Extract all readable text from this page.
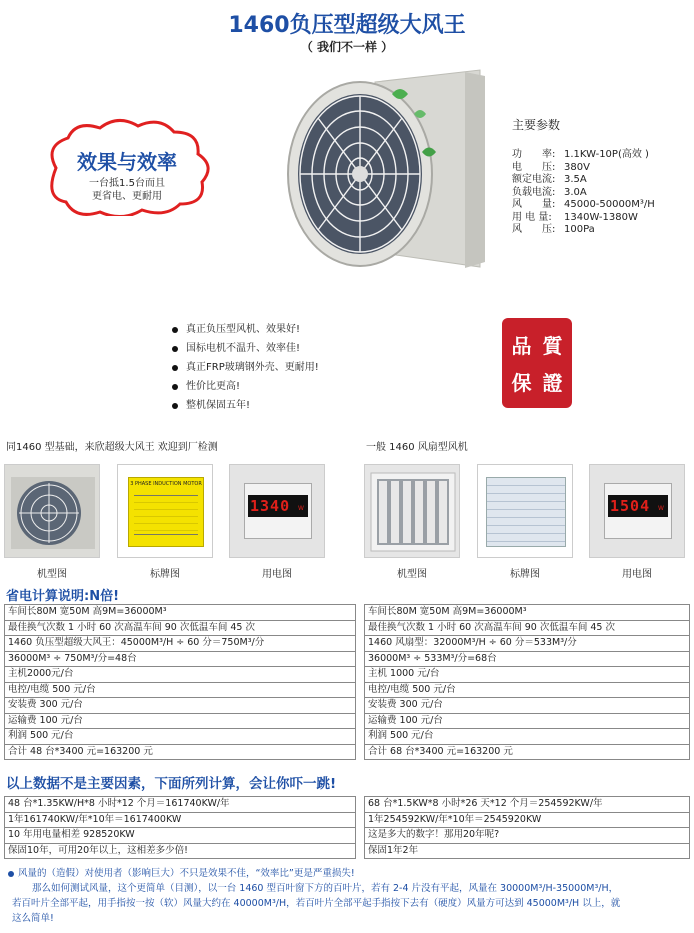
1460负压型超级大风王
（ 我们不一样 ）
效果与效率
一台抵1.5台而且
更省电、更耐用
主要参数
功　　率: 1.1KW-10P(高效 )
电　　压: 380V
额定电流: 3.5A
负载电流: 3.0A
风　　量: 45000-50000M³/H
用 电 量:	1340W-1380W
风　　压: 100Pa
真正负压型风机、效果好!
国标电机不温升、效率佳!
真正FRP玻璃钢外壳、更耐用!
性价比更高!
整机保固五年!
品 質
保 證
同1460 型基础，来欣超级大风王 欢迎到厂检测	一般 1460 风扇型风机
3 PHASE INDUCTION MOTOR
1340 W
机型图	标牌图	用电图
1504 W
机型图	标牌图	用电图
省电计算说明:N倍!
车间长80M 宽50M 高9M=36000M³
最佳换气次数 1 小时 60 次高温车间 90 次低温车间 45 次
1460 负压型超级大风王：45000M³/H ÷ 60 分＝750M³/分
36000M³ ÷ 750M³/分=48台
主机2000元/台
电控/电缆 500 元/台
安装费 300 元/台
运输费 100 元/台
利润 500 元/台
合计 48 台*3400 元=163200 元
车间长80M 宽50M 高9M=36000M³
最佳换气次数 1 小时 60 次高温车间 90 次低温车间 45 次
1460 风扇型：32000M³/H ÷ 60 分＝533M³/分
36000M³ ÷ 533M³/分=68台
主机 1000 元/台
电控/电缆 500 元/台
安装费 300 元/台
运输费 100 元/台
利润 500 元/台
合计 68 台*3400 元=163200 元
以上数据不是主要因素，下面所列计算，会让你吓一跳!
48 台*1.35KW/H*8 小时*12 个月＝161740KW/年
1年161740KW/年*10年＝1617400KW
10 年用电量相差 928520KW
保固10年，可用20年以上，这相差多少倍!
68 台*1.5KW*8 小时*26 天*12 个月＝254592KW/年
1年254592KW/年*10年＝2545920KW
这是多大的数字！那用20年呢?
保固1年2年
风量的（造假）对使用者（影响巨大）不只是效果不佳，“效率比”更是严重损失!
那么如何测试风量，这个更简单（目测），以一台 1460 型百叶窗下方的百叶片，若有 2-4 片没有平起，风量在 30000M³/H-35000M³/H，
若百叶片全部平起，用手指按一按（软）风量大约在 40000M³/H，若百叶片全部平起手指按下去有（硬度）风量方可达到 45000M³/H 以上，就
这么简单!
